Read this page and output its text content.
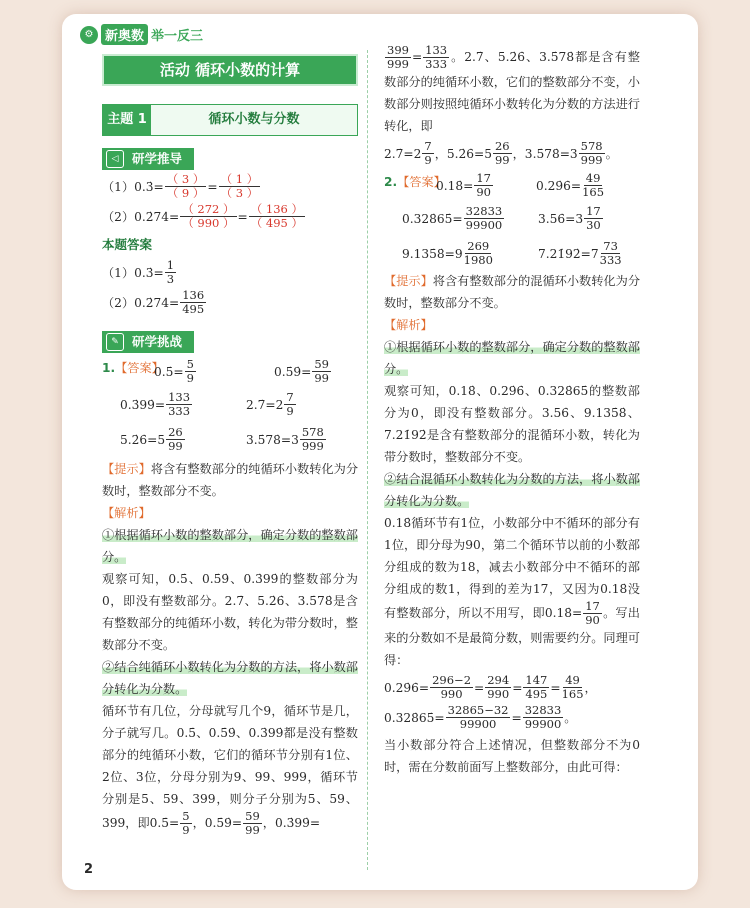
⚙ 新奥数 举一反三
活动 循环小数的计算
主题 1	循环小数与分数
◁	研学推导
（1）0.3̇= $\frac{( 3 )}{( 9 )} = \frac{( 1 )}{( 3 )}$
（2）0.2̇74̇= $\frac{( 272 )}{( 990 )} = \frac{( 136 )}{( 495 )}$
本题答案
（1）0.3̇= $\frac{1}{3}$
（2）0.2̇74̇= $\frac{136}{495}$
✎	研学挑战
1.【答案】
0.5̇= $\frac{5}{9}$	0.5̇9̇= $\frac{59}{99}$
0.3̇99̇= $\frac{133}{333}$	2.7̇=2 $\frac{7}{9}$
5.2̇6̇=5 $\frac{26}{99}$	3.5̇78̇=3 $\frac{578}{999}$
【提示】将含有整数部分的纯循环小数转化为分数时，整数部分不变。
【解析】
①根据循环小数的整数部分，确定分数的整数部分。
观察可知，0.5̇、0.5̇9̇、0.3̇99̇的整数部分为0，即没有整数部分。2.7̇、5.2̇6̇、3.5̇78̇是含有整数部分的纯循环小数，转化为带分数时，整数部分不变。
②结合纯循环小数转化为分数的方法，将小数部分转化为分数。
循环节有几位，分母就写几个9，循环节是几，分子就写几。0.5̇、0.5̇9̇、0.3̇99̇都是没有整数部分的纯循环小数，它们的循环节分别有1位、2位、3位，分母分别为9、99、999，循环节分别是5、59、399，则分子分别为5、59、399，即0.5̇= $\frac{5}{9}$ ，0.5̇9̇= $\frac{59}{99}$ ，0.3̇99̇=
$\frac{399}{999} = \frac{133}{333}$ 。2.7̇、5.2̇6̇、3.5̇78̇都是含有整数部分的纯循环小数，它们的整数部分不变，小数部分则按照纯循环小数转化为分数的方法进行转化，即
2.7̇=2 $\frac{7}{9}$ ，5.2̇6̇=5 $\frac{26}{99}$ ，3.5̇78̇=3 $\frac{578}{999}$ 。
2.【答案】
0.18̇= $\frac{17}{90}$	0.29̇6̇= $\frac{49}{165}$
0.328̇65̇= $\frac{32833}{99900}$	3.56̇=3 $\frac{17}{30}$
9.135̇8̇=9 $\frac{269}{1980}$	7.21̇92̇=7 $\frac{73}{333}$
【提示】将含有整数部分的混循环小数转化为分数时，整数部分不变。
【解析】
①根据循环小数的整数部分，确定分数的整数部分。
观察可知，0.18̇、0.29̇6̇、0.328̇65̇的整数部分为0，即没有整数部分。3.56̇、9.135̇8̇、7.21̇92̇是含有整数部分的混循环小数，转化为带分数时，整数部分不变。
②结合混循环小数转化为分数的方法，将小数部分转化为分数。
0.18̇循环节有1位，小数部分中不循环的部分有1位，即分母为90，第二个循环节以前的小数部分组成的数为18，减去小数部分中不循环的部分组成的数1，得到的差为17，又因为0.18̇没有整数部分，所以不用写，即0.18̇= $\frac{17}{90}$ 。写出来的分数如不是最简分数，则需要约分。同理可得：
0.29̇6̇= $\frac{296-2}{990} = \frac{294}{990} = \frac{147}{495} = \frac{49}{165}$ ，
0.328̇65̇= $\frac{32865-32}{99900} = \frac{32833}{99900}$ 。
当小数部分符合上述情况，但整数部分不为0时，需在分数前面写上整数部分，由此可得：
2
